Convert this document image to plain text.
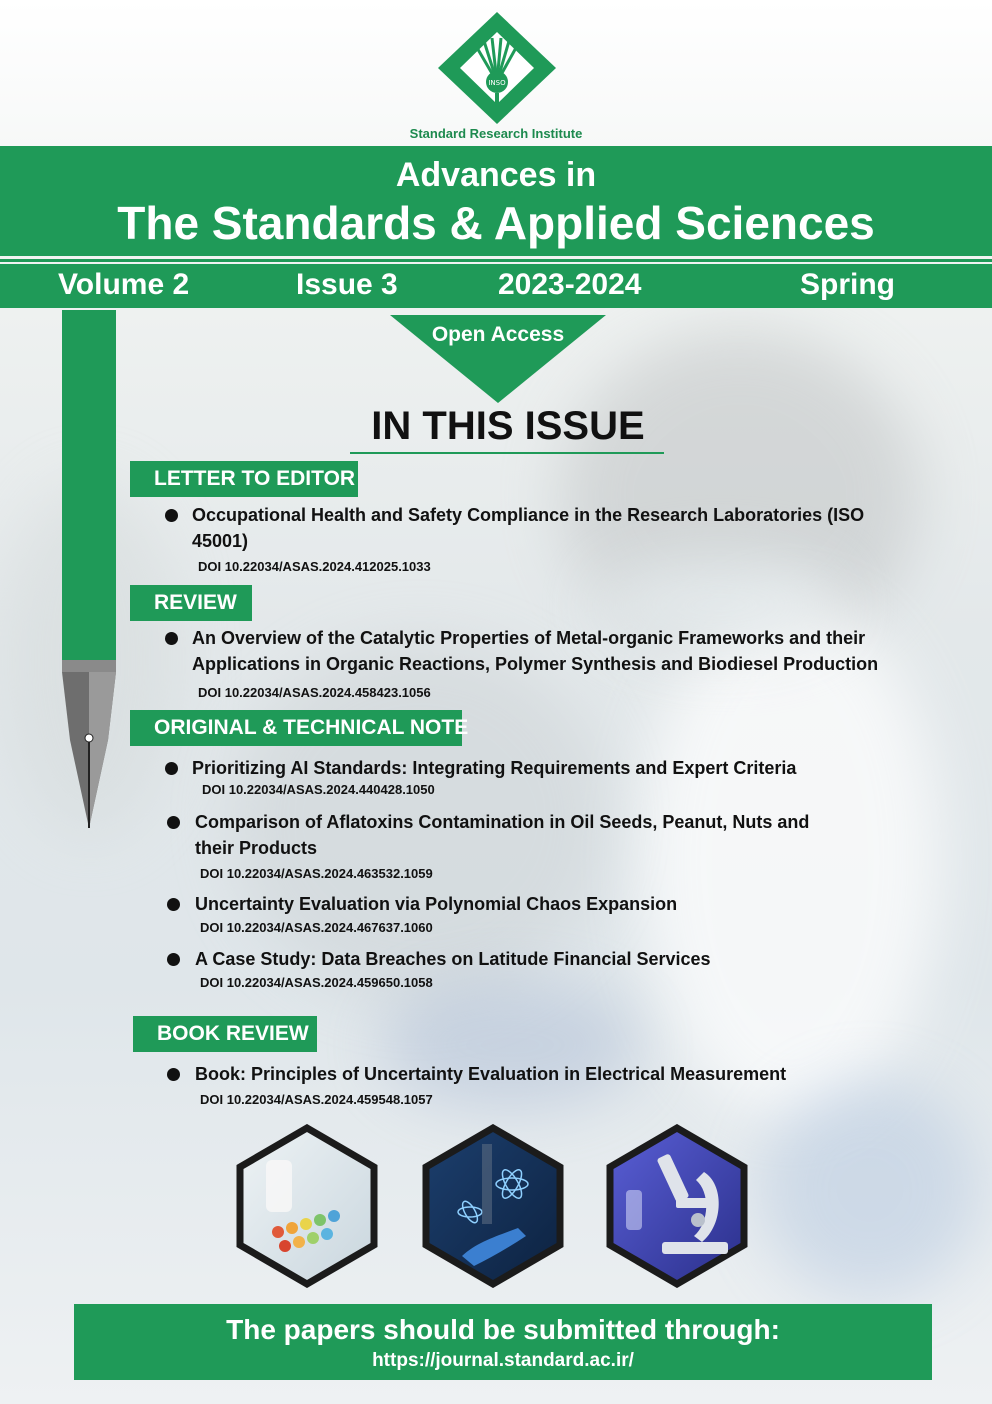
INSO
Standard Research Institute
Advances in
The Standards & Applied Sciences
Volume 2	Issue 3	2023-2024	Spring
Open Access
IN THIS ISSUE
LETTER TO EDITOR
Occupational Health and Safety Compliance in the Research Laboratories (ISO 45001)
DOI 10.22034/ASAS.2024.412025.1033
REVIEW
An Overview of the Catalytic Properties of Metal-organic Frameworks and their Applications in Organic Reactions, Polymer Synthesis and Biodiesel Production
DOI 10.22034/ASAS.2024.458423.1056
ORIGINAL & TECHNICAL NOTE
Prioritizing AI Standards: Integrating Requirements and Expert Criteria
DOI 10.22034/ASAS.2024.440428.1050
Comparison of Aflatoxins Contamination in Oil Seeds, Peanut, Nuts and their Products
DOI 10.22034/ASAS.2024.463532.1059
Uncertainty Evaluation via Polynomial Chaos Expansion
DOI 10.22034/ASAS.2024.467637.1060
A Case Study: Data Breaches on Latitude Financial Services
DOI 10.22034/ASAS.2024.459650.1058
BOOK REVIEW
Book: Principles of Uncertainty Evaluation in Electrical Measurement
DOI 10.22034/ASAS.2024.459548.1057
The papers should be submitted through:
https://journal.standard.ac.ir/
